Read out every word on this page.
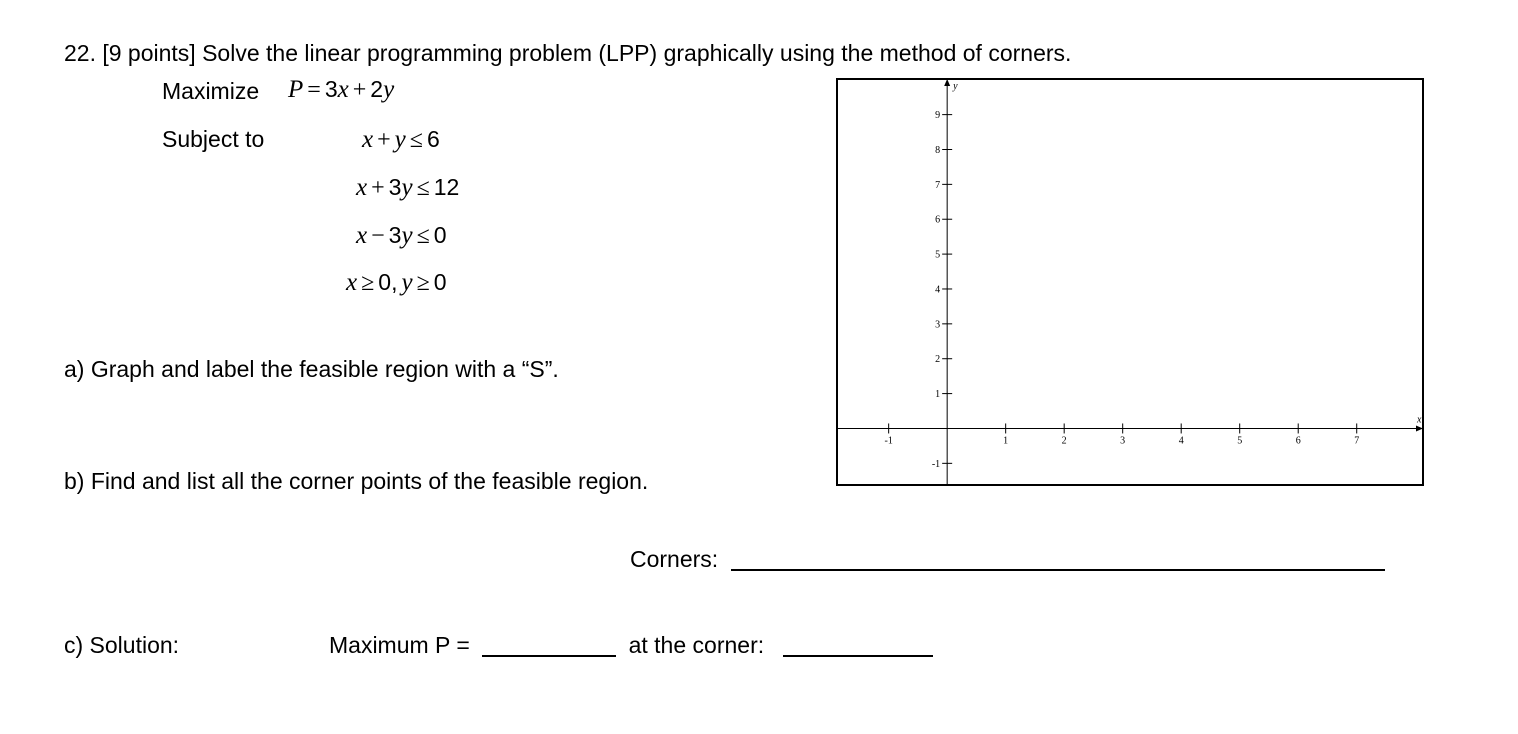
22. [9 points] Solve the linear programming problem (LPP) graphically using the method of corners.
Maximize P = 3x + 2y
Subject to	x + y ≤ 6
x + 3y ≤ 12
x − 3y ≤ 0
x ≥ 0, y ≥ 0
a) Graph and label the feasible region with a “S”.
b) Find and list all the corner points of the feasible region.
Corners:
c) Solution:	Maximum P =	at the corner:
-1	1	2	3	4	5	6	7
-1
1
2
3
4
5
6
7
8
9
x
y
